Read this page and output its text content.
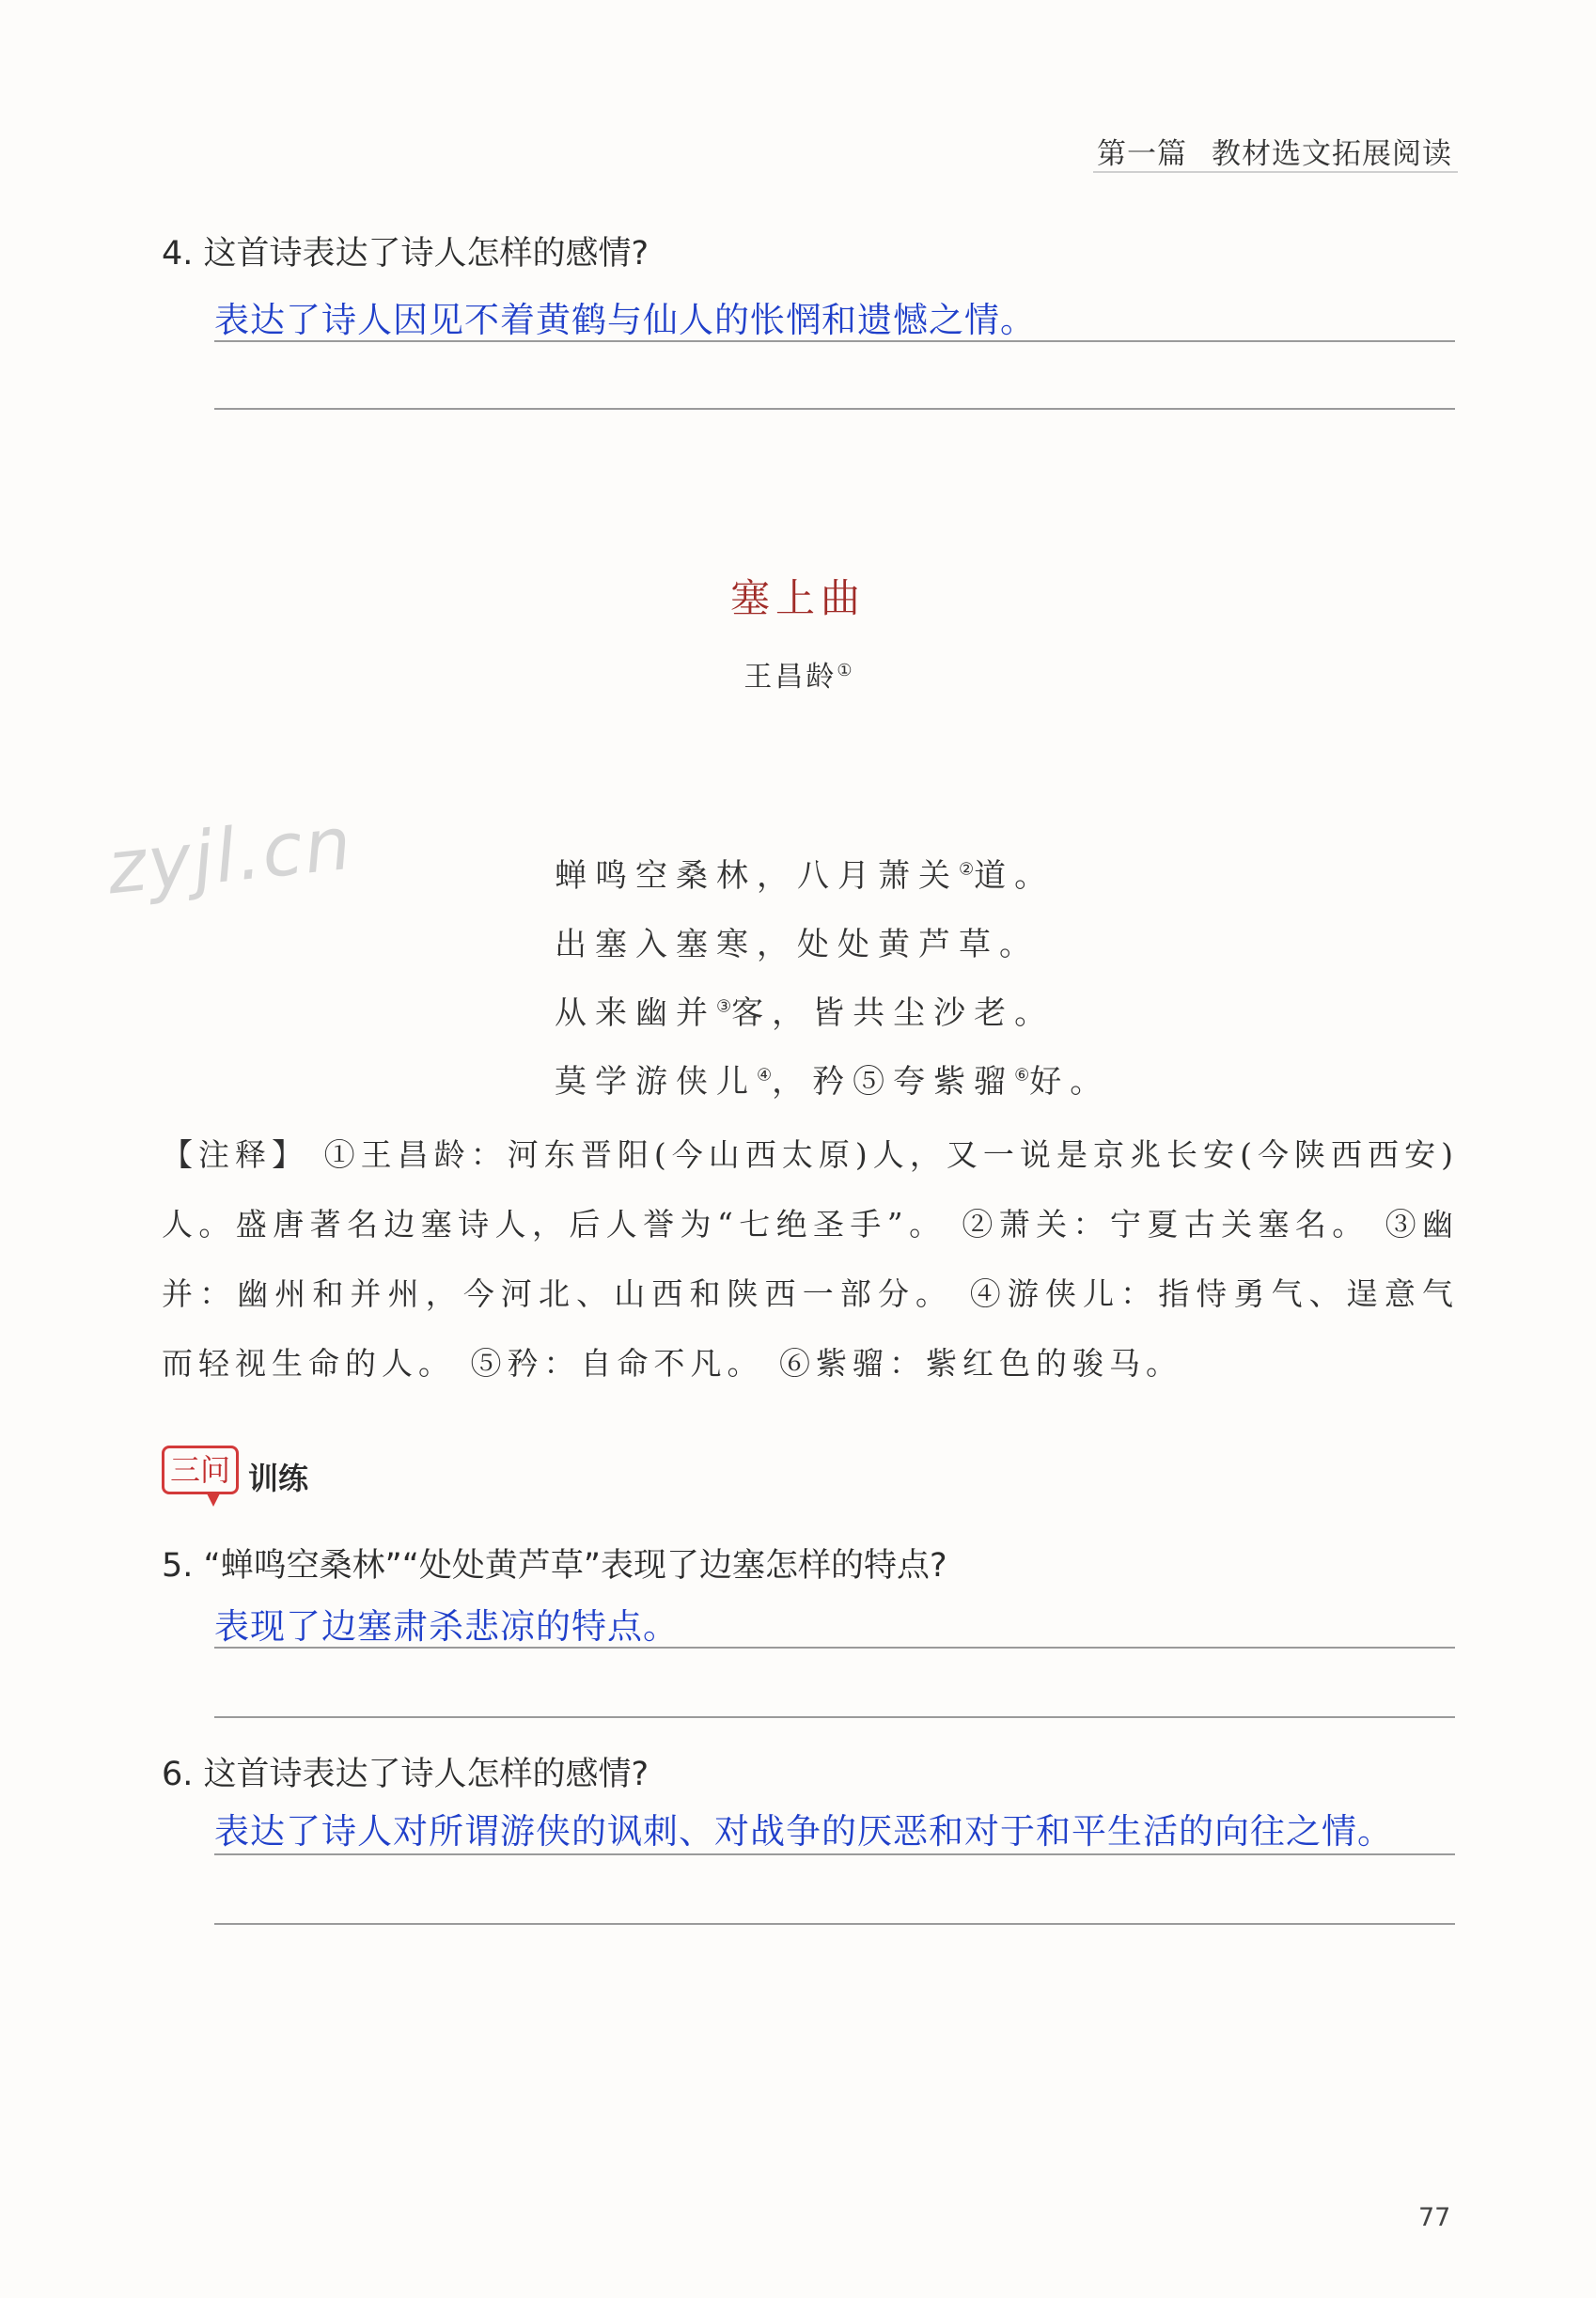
第一篇 教材选文拓展阅读
4. 这首诗表达了诗人怎样的感情?
表达了诗人因见不着黄鹤与仙人的怅惘和遗憾之情。
塞上曲
王昌龄①
zyjl.cn	蝉鸣空桑林，八月萧关②道。
出塞入塞寒，处处黄芦草。
从来幽并③客，皆共尘沙老。
莫学游侠儿④，矜⑤夸紫骝⑥好。
【注释】 ①王昌龄：河东晋阳(今山西太原)人，又一说是京兆长安(今陕西西安)人。盛唐著名边塞诗人，后人誉为“七绝圣手”。 ②萧关：宁夏古关塞名。 ③幽并：幽州和并州，今河北、山西和陕西一部分。 ④游侠儿：指恃勇气、逞意气而轻视生命的人。 ⑤矜：自命不凡。 ⑥紫骝：紫红色的骏马。
三问 训练
5. “蝉鸣空桑林”“处处黄芦草”表现了边塞怎样的特点?
表现了边塞肃杀悲凉的特点。
6. 这首诗表达了诗人怎样的感情?
表达了诗人对所谓游侠的讽刺、对战争的厌恶和对于和平生活的向往之情。
77
